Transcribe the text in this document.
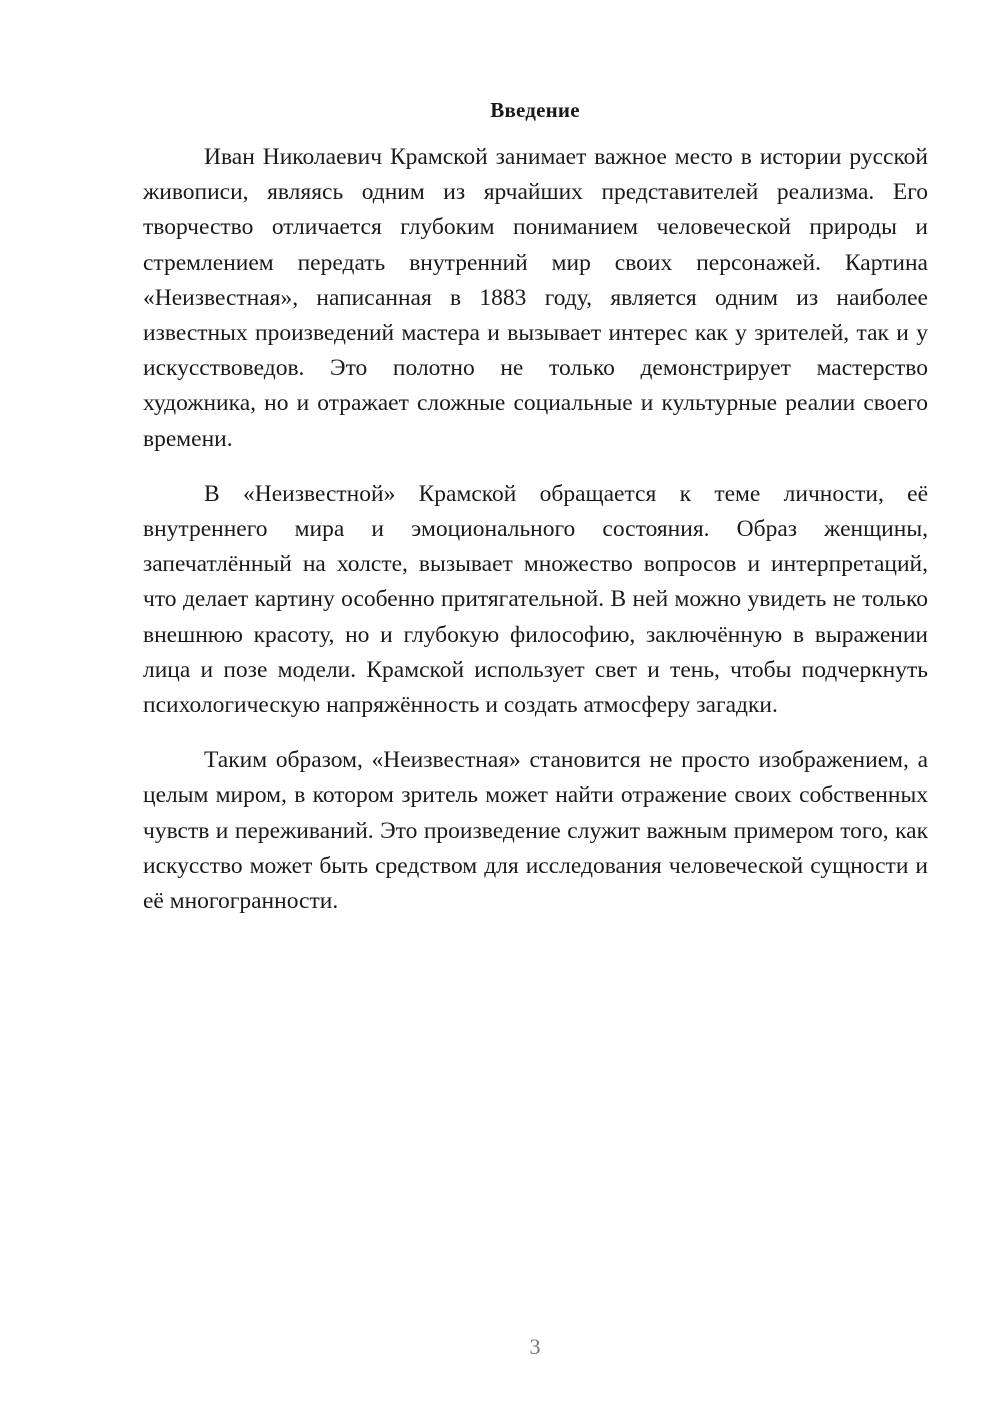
Введение

Иван Николаевич Крамской занимает важное место в истории русской живописи, являясь одним из ярчайших представителей реализма. Его творчество отличается глубоким пониманием человеческой природы и стремлением передать внутренний мир своих персонажей. Картина «Неизвестная», написанная в 1883 году, является одним из наиболее известных произведений мастера и вызывает интерес как у зрителей, так и у искусствоведов. Это полотно не только демонстрирует мастерство художника, но и отражает сложные социальные и культурные реалии своего времени.

В «Неизвестной» Крамской обращается к теме личности, её внутреннего мира и эмоционального состояния. Образ женщины, запечатлённый на холсте, вызывает множество вопросов и интерпретаций, что делает картину особенно притягательной. В ней можно увидеть не только внешнюю красоту, но и глубокую философию, заключённую в выражении лица и позе модели. Крамской использует свет и тень, чтобы подчеркнуть психологическую напряжённость и создать атмосферу загадки.

Таким образом, «Неизвестная» становится не просто изображением, а целым миром, в котором зритель может найти отражение своих собственных чувств и переживаний. Это произведение служит важным примером того, как искусство может быть средством для исследования человеческой сущности и её многогранности.

3
